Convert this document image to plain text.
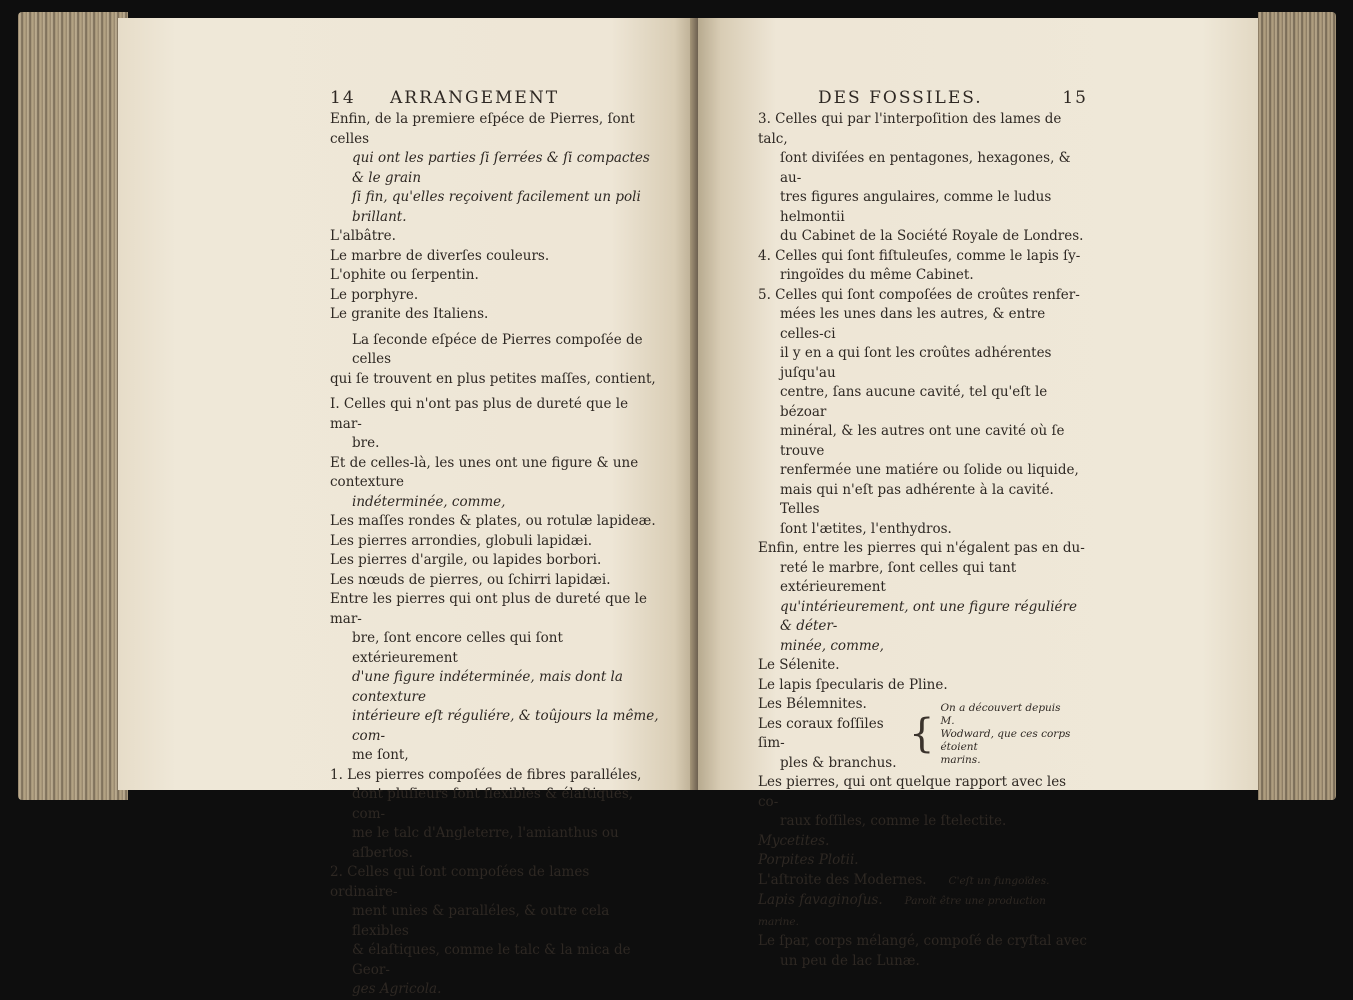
14 ARRANGEMENT

Enfin, de la premiere eſpéce de Pierres, ſont celles

qui ont les parties ſi ſerrées & ſi compactes & le grain

ſi fin, qu'elles reçoivent facilement un poli brillant.

L'albâtre.

Le marbre de diverſes couleurs.

L'ophite ou ſerpentin.

Le porphyre.

Le granite des Italiens.

La ſeconde eſpéce de Pierres compoſée de celles

qui ſe trouvent en plus petites maſſes, contient,

I. Celles qui n'ont pas plus de dureté que le mar-

bre.

Et de celles-là, les unes ont une figure & une contexture

indéterminée, comme,

Les maſſes rondes & plates, ou rotulæ lapideæ.

Les pierres arrondies, globuli lapidæi.

Les pierres d'argile, ou lapides borbori.

Les nœuds de pierres, ou ſchirri lapidæi.

Entre les pierres qui ont plus de dureté que le mar-

bre, ſont encore celles qui ſont extérieurement

d'une figure indéterminée, mais dont la contexture

intérieure eſt réguliére, & toûjours la même, com-

me ſont,

1. Les pierres compoſées de fibres paralléles,

dont pluſieurs ſont flexibles & élaſtiques, com-

me le talc d'Angleterre, l'amianthus ou aſbertos.

2. Celles qui ſont compoſées de lames ordinaire-

ment unies & paralléles, & outre cela flexibles

& élaſtiques, comme le talc & la mica de Geor-

ges Agricola.

DES FOSSILES.	15

3. Celles qui par l'interpoſition des lames de talc,

ſont diviſées en pentagones, hexagones, & au-

tres figures angulaires, comme le ludus helmontii

du Cabinet de la Société Royale de Londres.

4. Celles qui ſont fiſtuleuſes, comme le lapis ſy-

ringoïdes du même Cabinet.

5. Celles qui ſont compoſées de croûtes renfer-

mées les unes dans les autres, & entre celles-ci

il y en a qui ſont les croûtes adhérentes juſqu'au

centre, ſans aucune cavité, tel qu'eſt le bézoar

minéral, & les autres ont une cavité où ſe trouve

renfermée une matiére ou ſolide ou liquide,

mais qui n'eſt pas adhérente à la cavité. Telles

ſont l'ætites, l'enthydros.

Enfin, entre les pierres qui n'égalent pas en du-

reté le marbre, ſont celles qui tant extérieurement

qu'intérieurement, ont une figure réguliére & déter-

minée, comme,

Le Sélenite.

Le lapis ſpecularis de Pline.

Les Bélemnites.

Les coraux foſſiles ſim-

ples & branchus.

{
On a découvert depuis M.
Wodward, que ces corps étoient
marins.

Les pierres, qui ont quelque rapport avec les co-

raux foſſiles, comme le ſtelectite.

Mycetites.

Porpites Plotii.

L'aſtroite des Modernes. C'eſt un fungoïdes.

Lapis favaginoſus. Paroît être une production marine.

Le ſpar, corps mélangé, compoſé de cryſtal avec

un peu de lac Lunæ.
